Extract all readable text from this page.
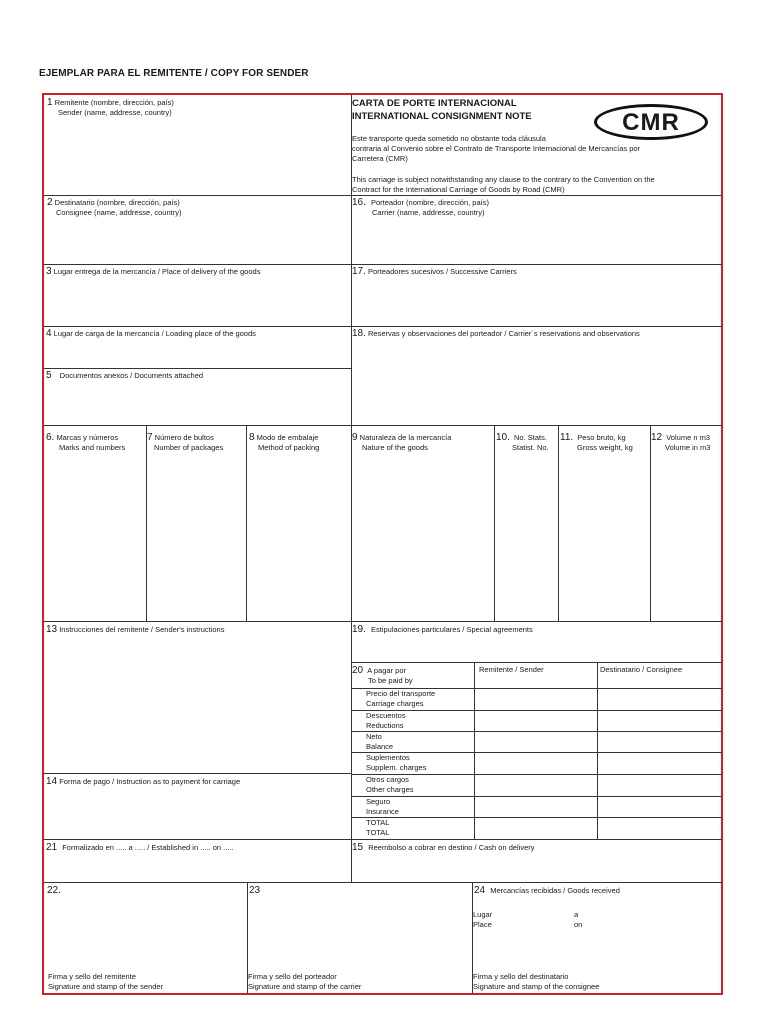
EJEMPLAR PARA EL REMITENTE / COPY FOR SENDER
1 Remitente (nombre, dirección, país)
Sender (name, addresse, country)
CARTA DE PORTE INTERNACIONAL
INTERNATIONAL CONSIGNMENT NOTE	CMR
Este transporte queda sometido no obstante toda cláusula
contraria al Convenio sobre el Contrato de Transporte Internacional de Mercancías por
Carretera (CMR)
This carriage is subject notwithstanding any clause to the contrary to the Convention on the
Contract for the International Carriage of Goods by Road (CMR)
2 Destinatario (nombre, dirección, país)
Consignee (name, addresse, country)
16. Porteador (nombre, dirección, país)
Carrier (name, addresse, country)
3 Lugar entrega de la mercancía / Place of delivery of the goods	17. Porteadores sucesivos / Successive Carriers
4 Lugar de carga de la mercancía / Loading place of the goods	18. Reservas y observaciones del porteador / Carrier´s reservations and observations
5 Documentos anexos / Documents attached
6. Marcas y números
Marks and numbers
7 Número de bultos
Number of packages
8 Modo de embalaje
Method of packing
9 Naturaleza de la mercancía
Nature of the goods
10. No. Stats.
Statist. No.
11. Peso bruto, kg
Gross weight, kg
12 Volume n m3
Volume in m3
13 Instrucciones del remitente / Sender's instructions	19. Estipulaciones particulares / Special agreements
20 A pagar por
To be paid by
Remitente / Sender	Destinatario / Consignee
Precio del transporte
Carriage charges
Descuentos
Reductions
Neto
Balance
Suplementos
Supplem. charges
Otros cargos
Other charges
Seguro
Insurance
TOTAL
TOTAL
14 Forma de pago / Instruction as to payment for carriage
21 Formalizado en ..... a ..... / Established in ..... on .....	15 Reembolso a cobrar en destino / Cash on delivery
22.
Firma y sello del remitente
Signature and stamp of the sender
23
Firma y sello del porteador
Signature and stamp of the carrier
24 Mercancías recibidas / Goods received
Lugar
Place
a
on
Firma y sello del destinatario
Signature and stamp of the consignee
